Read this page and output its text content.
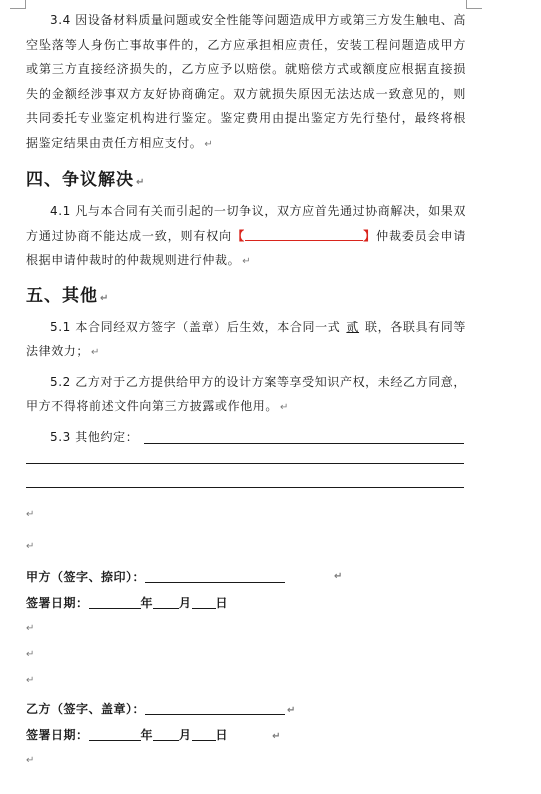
3.4 因设备材料质量问题或安全性能等问题造成甲方或第三方发生触电、高空坠落等人身伤亡事故事件的，乙方应承担相应责任，安装工程问题造成甲方或第三方直接经济损失的，乙方应予以赔偿。就赔偿方式或额度应根据直接损失的金额经涉事双方友好协商确定。双方就损失原因无法达成一致意见的，则共同委托专业鉴定机构进行鉴定。鉴定费用由提出鉴定方先行垫付，最终将根据鉴定结果由责任方相应支付。 ↵

四、争议解决 ↵

4.1 凡与本合同有关而引起的一切争议，双方应首先通过协商解决，如果双方通过协商不能达成一致，则有权向【	】仲裁委员会申请根据申请仲裁时的仲裁规则进行仲裁。 ↵

五、其他 ↵

5.1 本合同经双方签字（盖章）后生效，本合同一式 贰 联，各联具有同等法律效力； ↵

5.2 乙方对于乙方提供给甲方的设计方案等享受知识产权，未经乙方同意，甲方不得将前述文件向第三方披露或作他用。 ↵

5.3 其他约定：
↵
↵
甲方（签字、捺印）：	↵
签署日期：	年 月 日
↵
↵
↵
乙方（签字、盖章）：	↵
签署日期：	年 月 日	↵
↵
